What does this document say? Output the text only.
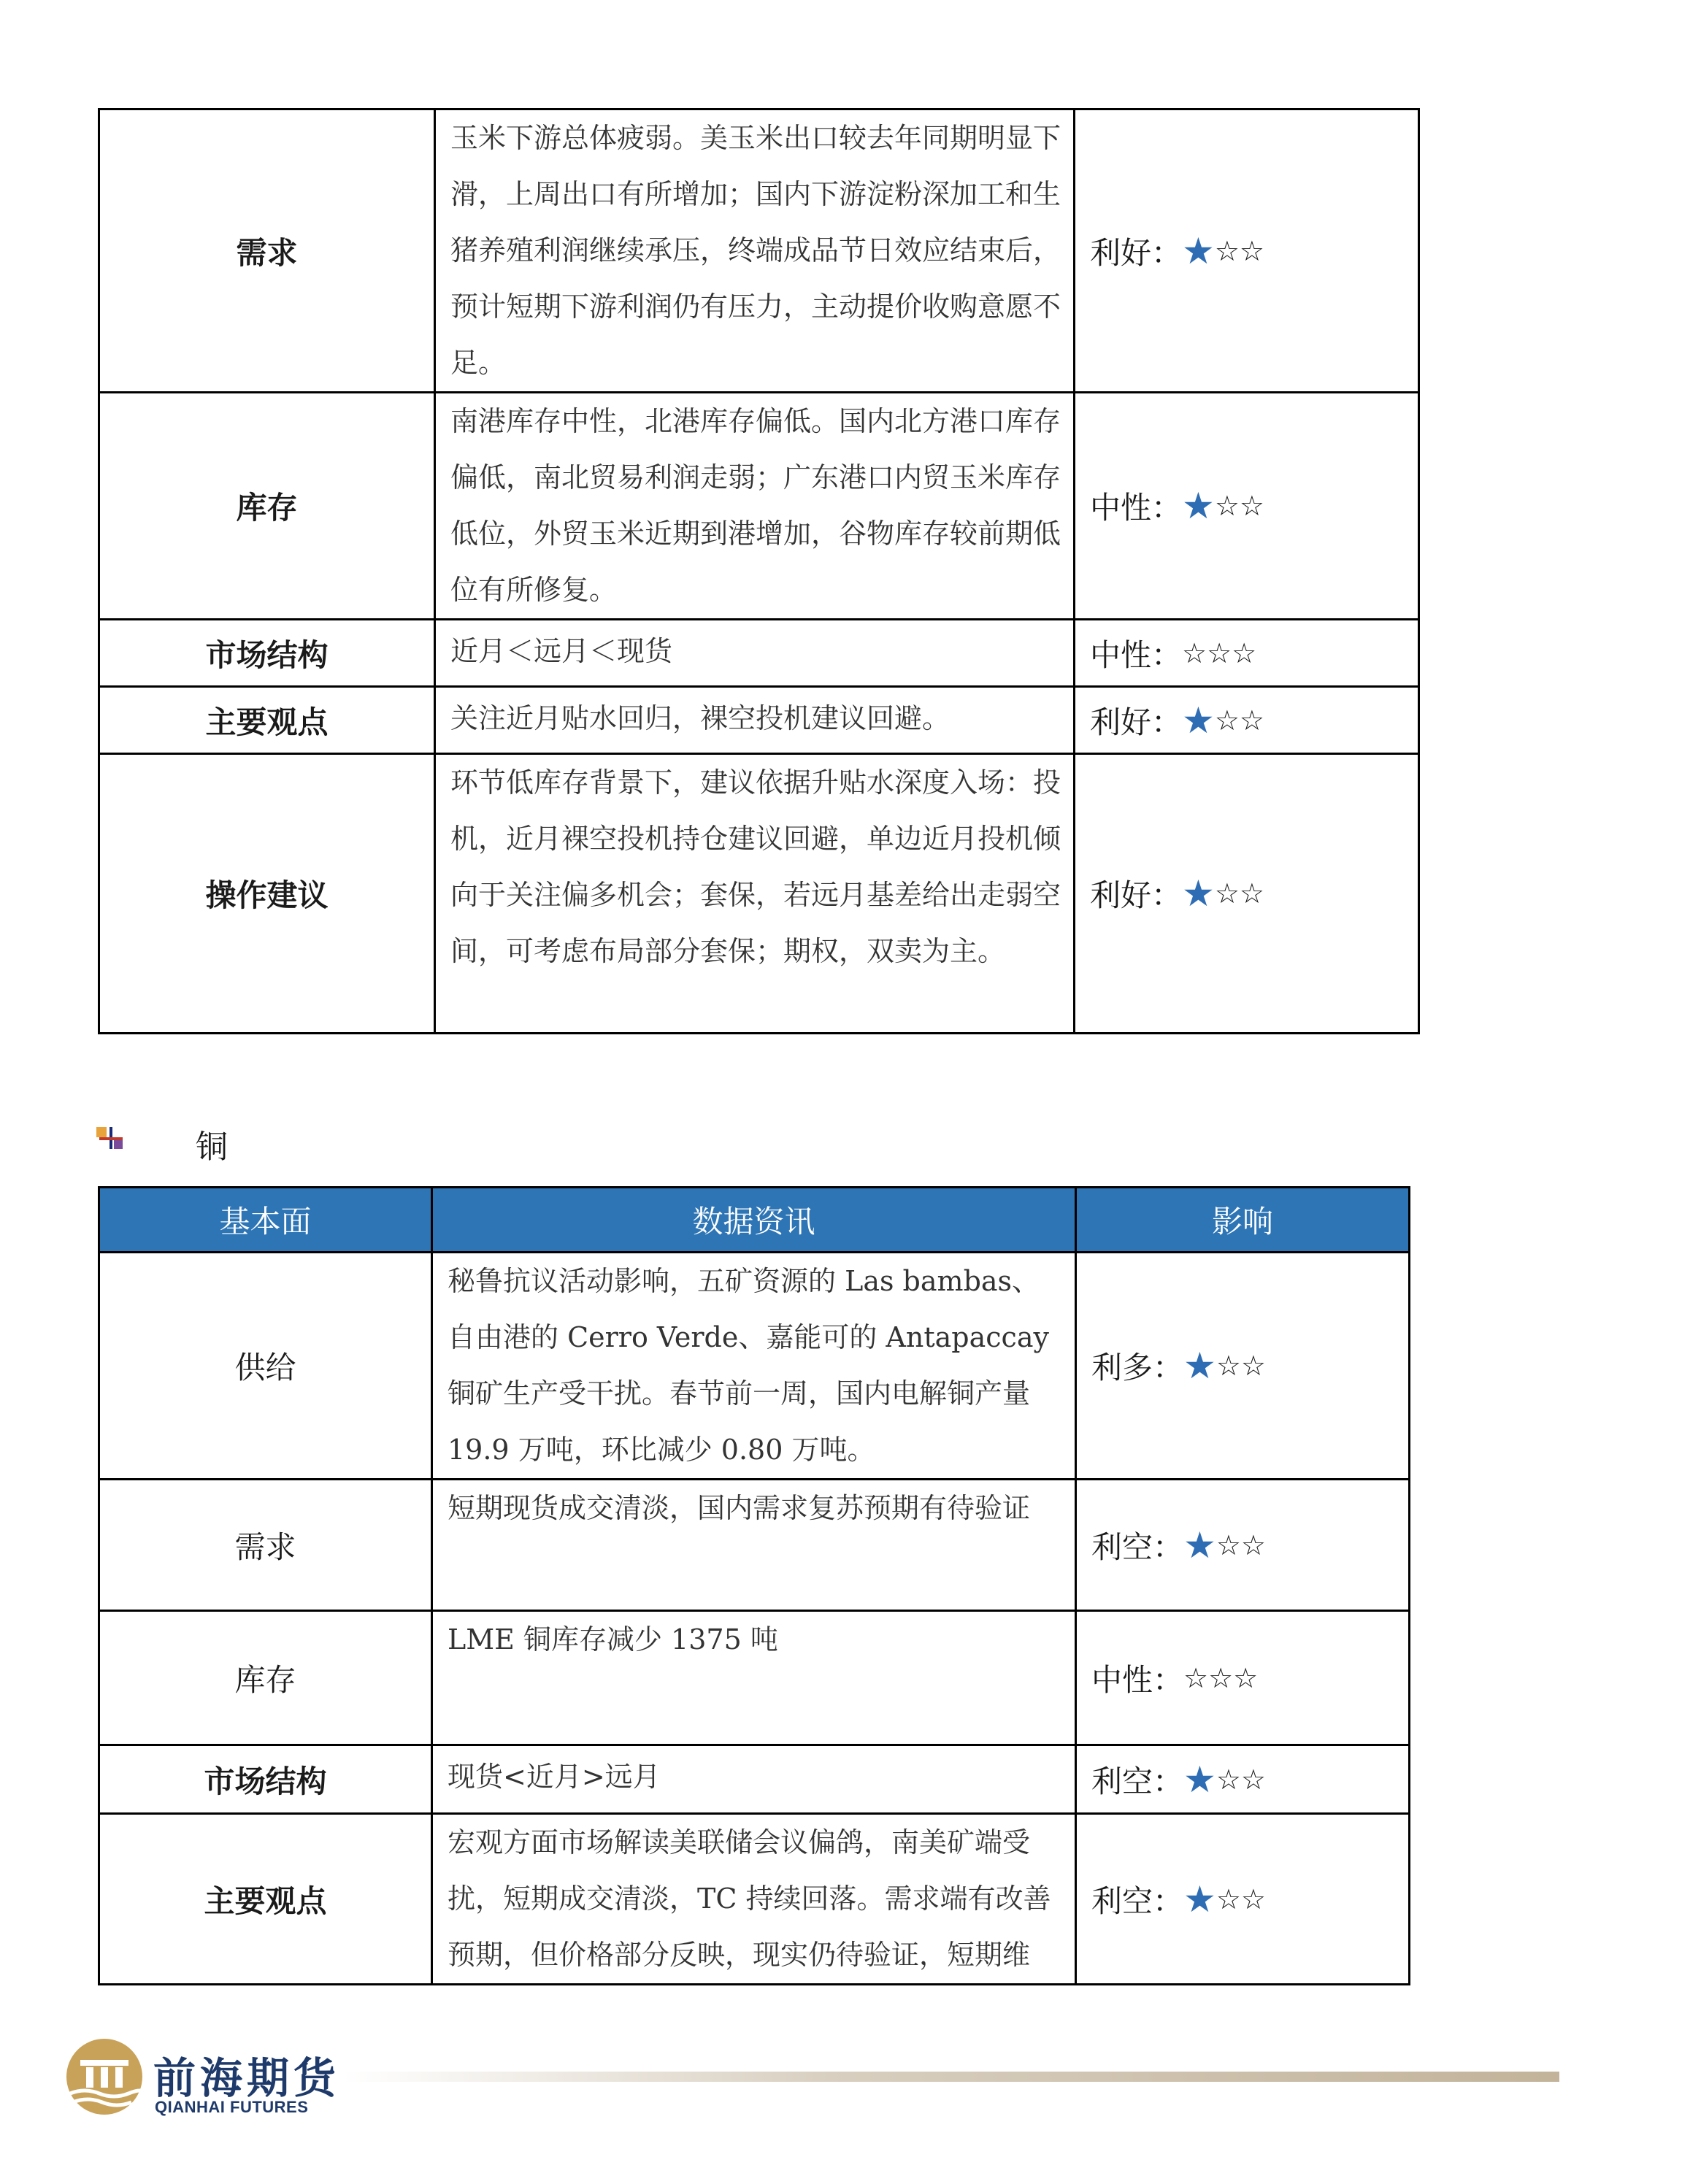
需求	玉米下游总体疲弱。美玉米出口较去年同期明显下滑，上周出口有所增加；国内下游淀粉深加工和生猪养殖利润继续承压，终端成品节日效应结束后，预计短期下游利润仍有压力，主动提价收购意愿不足。	利好：★☆☆
库存	南港库存中性，北港库存偏低。国内北方港口库存偏低，南北贸易利润走弱；广东港口内贸玉米库存低位，外贸玉米近期到港增加，谷物库存较前期低位有所修复。	中性：★☆☆
市场结构	近月＜远月＜现货	中性：☆☆☆
主要观点	关注近月贴水回归，裸空投机建议回避。	利好：★☆☆
操作建议	环节低库存背景下，建议依据升贴水深度入场：投机，近月裸空投机持仓建议回避，单边近月投机倾向于关注偏多机会；套保，若远月基差给出走弱空间，可考虑布局部分套保；期权，双卖为主。	利好：★☆☆
铜
基本面	数据资讯	影响
供给	秘鲁抗议活动影响，五矿资源的 Las bambas、自由港的 Cerro Verde、嘉能可的 Antapaccay 铜矿生产受干扰。春节前一周，国内电解铜产量 19.9 万吨，环比减少 0.80 万吨。	利多：★☆☆
需求	短期现货成交清淡，国内需求复苏预期有待验证	利空：★☆☆
库存	LME 铜库存减少 1375 吨	中性：☆☆☆
市场结构	现货<近月>远月	利空：★☆☆
主要观点	宏观方面市场解读美联储会议偏鸽，南美矿端受扰，短期成交清淡，TC 持续回落。需求端有改善预期，但价格部分反映，现实仍待验证，短期维	利空：★☆☆
前海期货
QIANHAI FUTURES
